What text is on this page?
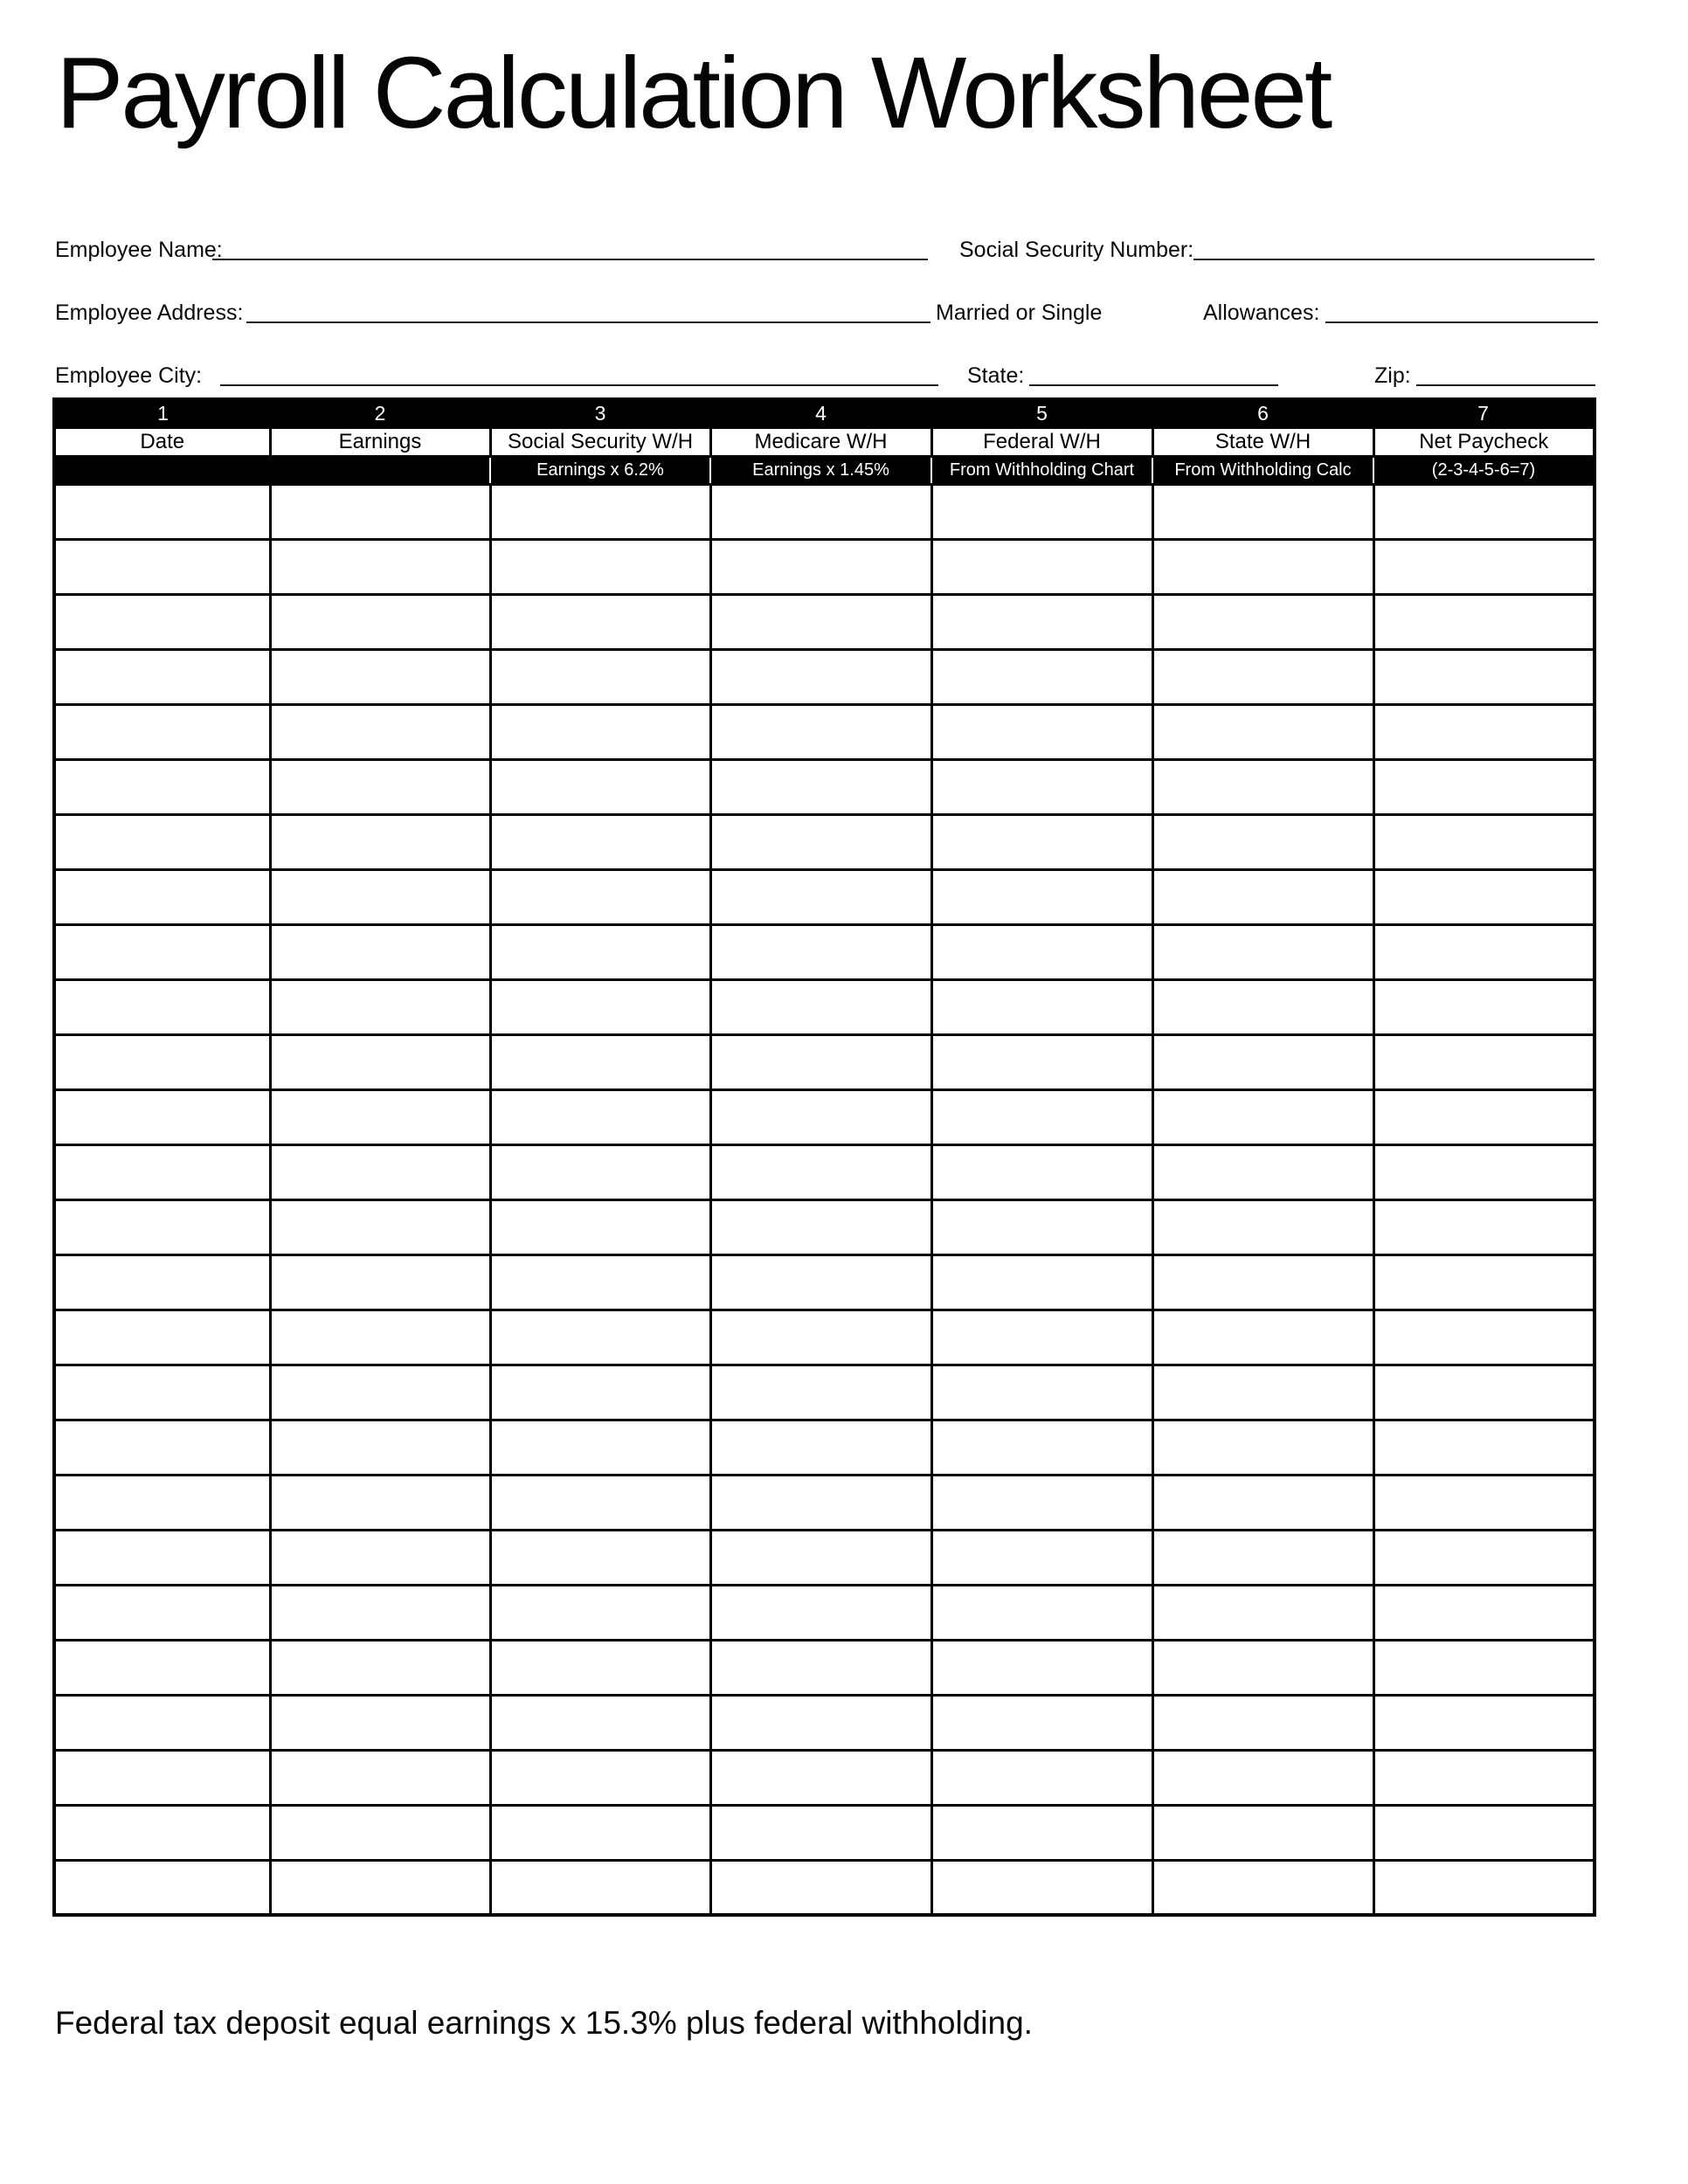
Payroll Calculation Worksheet
Employee Name:	Social Security Number:
Employee Address:	Married or Single	Allowances:
Employee City:	State:	Zip:
1	2	3	4	5	6	7
Date	Earnings	Social Security W/H	Medicare W/H	Federal W/H	State W/H	Net Paycheck
		Earnings x 6.2%	Earnings x 1.45%	From Withholding Chart	From Withholding Calc	(2-3-4-5-6=7)

Federal tax deposit equal earnings x 15.3% plus federal withholding.
